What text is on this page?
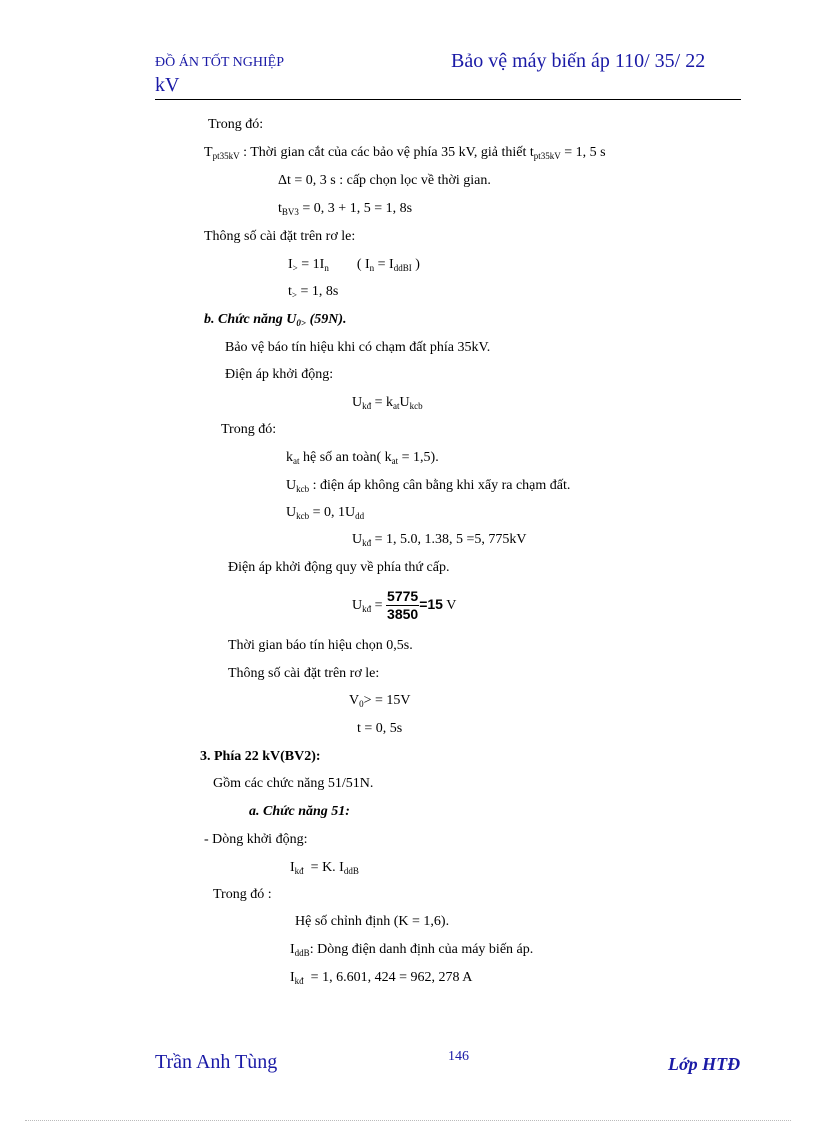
ĐỒ ÁN TỐT NGHIỆP
kV
Bảo vệ máy biến áp 110/ 35/ 22
Trong đó:
$T_{pt35kV}$ : Thời gian cắt của các bảo vệ phía 35 kV, giả thiết $t_{pt35kV} = 1$, 5 s
Δt = 0, 3 s : cấp chọn lọc về thời gian.
$t_{BV3} = 0$, 3 + 1, 5 = 1, 8s
Thông số cài đặt trên rơ le:
$I_> = 1I_n$        ( $I_n = I_{ddBI}$ )
$t_> = 1$, 8s
b. Chức năng $U_{0>}$ (59N).
Bảo vệ báo tín hiệu khi có chạm đất phía 35kV.
Điện áp khởi động:
$U_{kđ} = k_{at}U_{kcb}$
Trong đó:
$k_{at}$ hệ số an toàn( $k_{at} = 1,5$).
$U_{kcb}$ : điện áp không cân bằng khi xẩy ra chạm đất.
$U_{kcb} = 0$, $1U_{dd}$
$U_{kđ} = 1$, 5.0, 1.38, 5 =5, 775kV
Điện áp khởi động quy về phía thứ cấp.
$U_{kđ} = \frac{5775}{3850} =15$ V
Thời gian báo tín hiệu chọn 0,5s.
Thông số cài đặt trên rơ le:
$V_0> = 15V$
t = 0, 5s
3. Phía 22 kV(BV2):
Gồm các chức năng 51/51N.
a. Chức năng 51:
- Dòng khởi động:
$I_{kđ} = K$. $I_{ddB}$
Trong đó :
Hệ số chỉnh định (K = 1,6).
$I_{ddB}$: Dòng điện danh định của máy biến áp.
$I_{kđ} = 1$, 6.601, 424 = 962, 278 A
Trần Anh Tùng	146	Lớp HTĐ
